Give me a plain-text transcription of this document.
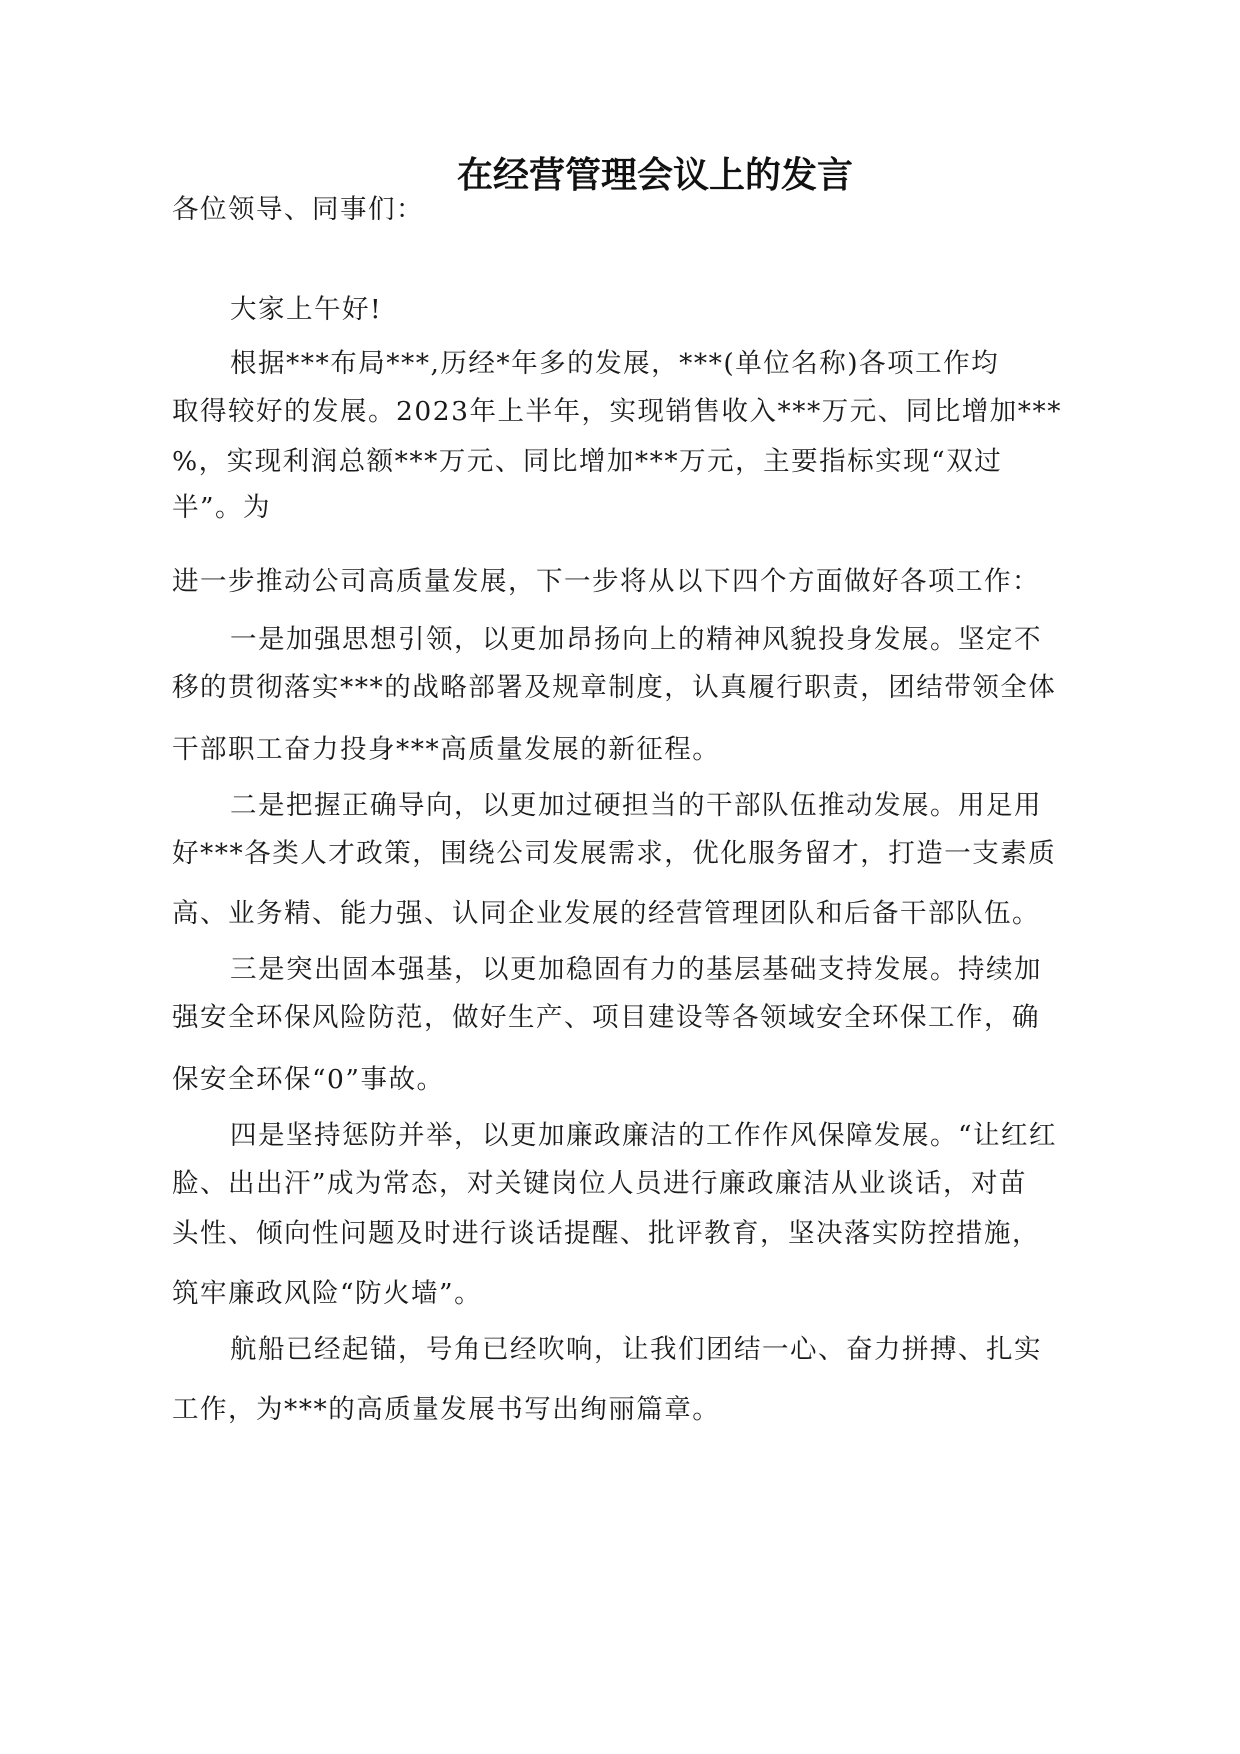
在经营管理会议上的发言
各位领导、同事们：
大家上午好!
根据***布局***,历经*年多的发展，***(单位名称)各项工作均
取得较好的发展。2023年上半年，实现销售收入***万元、同比增加***
%，实现利润总额***万元、同比增加***万元，主要指标实现“双过
半”。为
进一步推动公司高质量发展，下一步将从以下四个方面做好各项工作：
一是加强思想引领，以更加昂扬向上的精神风貌投身发展。坚定不
移的贯彻落实***的战略部署及规章制度，认真履行职责，团结带领全体
干部职工奋力投身***高质量发展的新征程。
二是把握正确导向，以更加过硬担当的干部队伍推动发展。用足用
好***各类人才政策，围绕公司发展需求，优化服务留才，打造一支素质
高、业务精、能力强、认同企业发展的经营管理团队和后备干部队伍。
三是突出固本强基，以更加稳固有力的基层基础支持发展。持续加
强安全环保风险防范，做好生产、项目建设等各领域安全环保工作，确
保安全环保“0”事故。
四是坚持惩防并举，以更加廉政廉洁的工作作风保障发展。“让红红
脸、出出汗”成为常态，对关键岗位人员进行廉政廉洁从业谈话，对苗
头性、倾向性问题及时进行谈话提醒、批评教育，坚决落实防控措施，
筑牢廉政风险“防火墙”。
航船已经起锚，号角已经吹响，让我们团结一心、奋力拼搏、扎实
工作，为***的高质量发展书写出绚丽篇章。
